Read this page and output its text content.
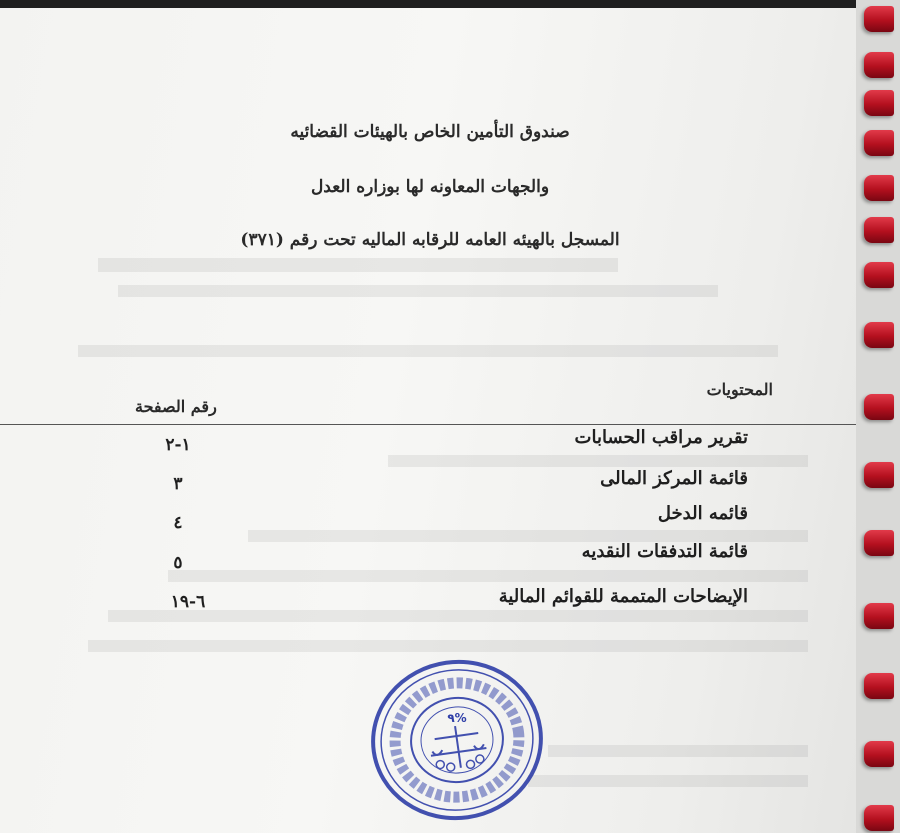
صندوق التأمين الخاص بالهيئات القضائيه
والجهات المعاونه لها بوزاره العدل
المسجل بالهيئه العامه للرقابه الماليه تحت رقم (٣٧١)
المحتويات
رقم الصفحة
تقرير مراقب الحسابات
١-٢
قائمة المركز المالى
٣
قائمه الدخل
٤
قائمة التدفقات النقديه
٥
الإيضاحات المتممة للقوائم المالية
٦-١٩
٩%
